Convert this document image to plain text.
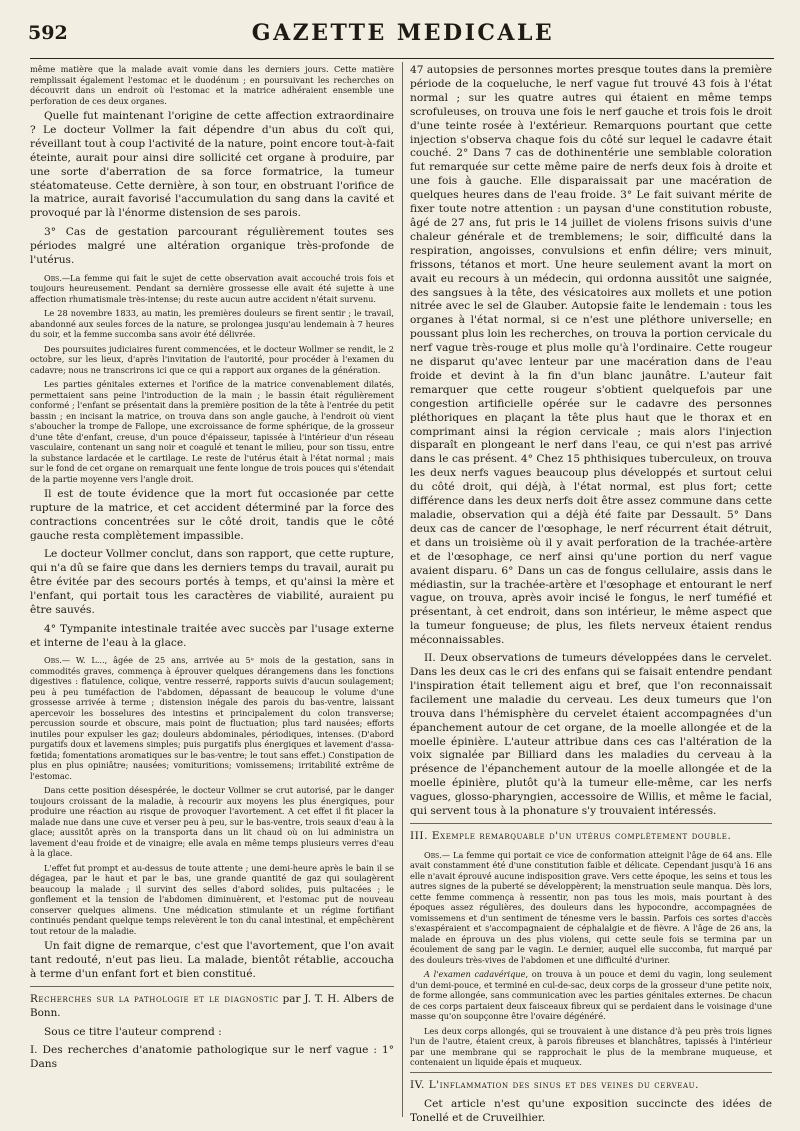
592	GAZETTE MEDICALE

même matière que la malade avait vomie dans les derniers jours. Cette matière remplissait également l'estomac et le duodénum ; en poursuivant les recherches on découvrit dans un endroit où l'estomac et la matrice adhéraient ensemble une perforation de ces deux organes.

Quelle fut maintenant l'origine de cette affection extraordinaire ? Le docteur Vollmer la fait dépendre d'un abus du coït qui, réveillant tout à coup l'activité de la nature, point encore tout-à-fait éteinte, aurait pour ainsi dire sollicité cet organe à produire, par une sorte d'aberration de sa force formatrice, la tumeur stéatomateuse. Cette dernière, à son tour, en obstruant l'orifice de la matrice, aurait favorisé l'accumulation du sang dans la cavité et provoqué par là l'énorme distension de ses parois.

3° Cas de gestation parcourant régulièrement toutes ses périodes malgré une altération organique très-profonde de l'utérus.

Obs.—La femme qui fait le sujet de cette observation avait accouché trois fois et toujours heureusement. Pendant sa dernière grossesse elle avait été sujette à une affection rhumatismale très-intense; du reste aucun autre accident n'était survenu.

Le 28 novembre 1833, au matin, les premières douleurs se firent sentir ; le travail, abandonné aux seules forces de la nature, se prolongea jusqu'au lendemain à 7 heures du soir, et la femme succomba sans avoir été délivrée.

Des poursuites judiciaires furent commencées, et le docteur Wollmer se rendit, le 2 octobre, sur les lieux, d'après l'invitation de l'autorité, pour procéder à l'examen du cadavre; nous ne transcrirons ici que ce qui a rapport aux organes de la génération.

Les parties génitales externes et l'orifice de la matrice convenablement dilatés, permettaient sans peine l'introduction de la main ; le bassin était régulièrement conformé ; l'enfant se présentait dans la première position de la tête à l'entrée du petit bassin ; en incisant la matrice, on trouva dans son angle gauche, à l'endroit où vient s'aboucher la trompe de Fallope, une excroissance de forme sphérique, de la grosseur d'une tête d'enfant, creuse, d'un pouce d'épaisseur, tapissée à l'intérieur d'un réseau vasculaire, contenant un sang noir et coagulé et tenant le milieu, pour son tissu, entre la substance lardacée et le cartilage. Le reste de l'utérus était à l'état normal ; mais sur le fond de cet organe on remarquait une fente longue de trois pouces qui s'étendait de la partie moyenne vers l'angle droit.

Il est de toute évidence que la mort fut occasionée par cette rupture de la matrice, et cet accident déterminé par la force des contractions concentrées sur le côté droit, tandis que le côté gauche resta complètement impassible.

Le docteur Vollmer conclut, dans son rapport, que cette rupture, qui n'a dû se faire que dans les derniers temps du travail, aurait pu être évitée par des secours portés à temps, et qu'ainsi la mère et l'enfant, qui portait tous les caractères de viabilité, auraient pu être sauvés.

4° Tympanite intestinale traitée avec succès par l'usage externe et interne de l'eau à la glace.

Obs.— W. L..., âgée de 25 ans, arrivée au 5ᵉ mois de la gestation, sans in commodités graves, commença à éprouver quelques dérangemens dans les fonctions digestives : flatulence, colique, ventre resserré, rapports suivis d'aucun soulagement; peu à peu tuméfaction de l'abdomen, dépassant de beaucoup le volume d'une grossesse arrivée à terme ; distension inégale des parois du bas-ventre, laissant apercevoir les bosselures des intestins et principalement du colon transverse; percussion sourde et obscure, mais point de fluctuation; plus tard nausées; efforts inutiles pour expulser les gaz; douleurs abdominales, périodiques, intenses. (D'abord purgatifs doux et lavemens simples; puis purgatifs plus énergiques et lavement d'assa-fœtida; fomentations aromatiques sur le bas-ventre; le tout sans effet.) Constipation de plus en plus opiniâtre; nausées; vomituritions; vomissemens; irritabilité extrême de l'estomac.

Dans cette position désespérée, le docteur Vollmer se crut autorisé, par le danger toujours croissant de la maladie, à recourir aux moyens les plus énergiques, pour produire une réaction au risque de provoquer l'avortement. A cet effet il fit placer la malade nue dans une cuve et verser peu à peu, sur le bas-ventre, trois seaux d'eau à la glace; aussitôt après on la transporta dans un lit chaud où on lui administra un lavement d'eau froide et de vinaigre; elle avala en même temps plusieurs verres d'eau à la glace.

L'effet fut prompt et au-dessus de toute attente ; une demi-heure après le bain il se dégagea, par le haut et par le bas, une grande quantité de gaz qui soulagèrent beaucoup la malade ; il survint des selles d'abord solides, puis pultacées ; le gonflement et la tension de l'abdomen diminuèrent, et l'estomac put de nouveau conserver quelques alimens. Une médication stimulante et un régime fortifiant continués pendant quelque temps relevèrent le ton du canal intestinal, et empêchèrent tout retour de la maladie.

Un fait digne de remarque, c'est que l'avortement, que l'on avait tant redouté, n'eut pas lieu. La malade, bientôt rétablie, accoucha à terme d'un enfant fort et bien constitué.

Recherches sur la pathologie et le diagnostic par J. T. H. Albers de Bonn.

Sous ce titre l'auteur comprend :

I. Des recherches d'anatomie pathologique sur le nerf vague : 1° Dans

47 autopsies de personnes mortes presque toutes dans la première période de la coqueluche, le nerf vague fut trouvé 43 fois à l'état normal ; sur les quatre autres qui étaient en même temps scrofuleuses, on trouva une fois le nerf gauche et trois fois le droit d'une teinte rosée à l'extérieur. Remarquons pourtant que cette injection s'observa chaque fois du côté sur lequel le cadavre était couché. 2° Dans 7 cas de dothinentérie une semblable coloration fut remarquée sur cette même paire de nerfs deux fois à droite et une fois à gauche. Elle disparaissait par une macération de quelques heures dans de l'eau froide. 3° Le fait suivant mérite de fixer toute notre attention : un paysan d'une constitution robuste, âgé de 27 ans, fut pris le 14 juillet de violens frisons suivis d'une chaleur générale et de tremblemens; le soir, difficulté dans la respiration, angoisses, convulsions et enfin délire; vers minuit, frissons, tétanos et mort. Une heure seulement avant la mort on avait eu recours à un médecin, qui ordonna aussitôt une saignée, des sangsues à la tête, des vésicatoires aux mollets et une potion nitrée avec le sel de Glauber. Autopsie faite le lendemain : tous les organes à l'état normal, si ce n'est une pléthore universelle; en poussant plus loin les recherches, on trouva la portion cervicale du nerf vague très-rouge et plus molle qu'à l'ordinaire. Cette rougeur ne disparut qu'avec lenteur par une macération dans de l'eau froide et devint à la fin d'un blanc jaunâtre. L'auteur fait remarquer que cette rougeur s'obtient quelquefois par une congestion artificielle opérée sur le cadavre des personnes pléthoriques en plaçant la tête plus haut que le thorax et en comprimant ainsi la région cervicale ; mais alors l'injection disparaît en plongeant le nerf dans l'eau, ce qui n'est pas arrivé dans le cas présent. 4° Chez 15 phthisiques tuberculeux, on trouva les deux nerfs vagues beaucoup plus développés et surtout celui du côté droit, qui déjà, à l'état normal, est plus fort; cette différence dans les deux nerfs doit être assez commune dans cette maladie, observation qui a déjà été faite par Dessault. 5° Dans deux cas de cancer de l'œsophage, le nerf récurrent était détruit, et dans un troisième où il y avait perforation de la trachée-artère et de l'œsophage, ce nerf ainsi qu'une portion du nerf vague avaient disparu. 6° Dans un cas de fongus cellulaire, assis dans le médiastin, sur la trachée-artère et l'œsophage et entourant le nerf vague, on trouva, après avoir incisé le fongus, le nerf tuméfié et présentant, à cet endroit, dans son intérieur, le même aspect que la tumeur fongueuse; de plus, les filets nerveux étaient rendus méconnaissables.

II. Deux observations de tumeurs développées dans le cervelet. Dans les deux cas le cri des enfans qui se faisait entendre pendant l'inspiration était tellement aigu et bref, que l'on reconnaissait facilement une maladie du cerveau. Les deux tumeurs que l'on trouva dans l'hémisphère du cervelet étaient accompagnées d'un épanchement autour de cet organe, de la moelle allongée et de la moelle épinière. L'auteur attribue dans ces cas l'altération de la voix signalée par Billiard dans les maladies du cerveau à la présence de l'épanchement autour de la moelle allongée et de la moelle épinière, plutôt qu'à la tumeur elle-même, car les nerfs vagues, glosso-pharyngien, accessoire de Willis, et même le facial, qui servent tous à la phonature s'y trouvaient intéressés.

III. Exemple remarquable d'un utérus complètement double.

Obs.— La femme qui portait ce vice de conformation atteignit l'âge de 64 ans. Elle avait constamment été d'une constitution faible et délicate. Cependant jusqu'à 16 ans elle n'avait éprouvé aucune indisposition grave. Vers cette époque, les seins et tous les autres signes de la puberté se développèrent; la menstruation seule manqua. Dès lors, cette femme commença à ressentir, non pas tous les mois, mais pourtant à des époques assez régulières, des douleurs dans les hypocondre, accompagnées de vomissemens et d'un sentiment de ténesme vers le bassin. Parfois ces sortes d'accès s'exaspéraient et s'accompagnaient de céphalalgie et de fièvre. A l'âge de 26 ans, la malade en éprouva un des plus violens, qui cette seule fois se termina par un écoulement de sang par le vagin. Le dernier, auquel elle succomba, fut marqué par des douleurs très-vives de l'abdomen et une difficulté d'uriner.

A l'examen cadavérique, on trouva à un pouce et demi du vagin, long seulement d'un demi-pouce, et terminé en cul-de-sac, deux corps de la grosseur d'une petite noix, de forme allongée, sans communication avec les parties génitales externes. De chacun de ces corps partaient deux faisceaux fibreux qui se perdaient dans le voisinage d'une masse qu'on soupçonne être l'ovaire dégénéré.

Les deux corps allongés, qui se trouvaient à une distance d'à peu près trois lignes l'un de l'autre, étaient creux, à parois fibreuses et blanchâtres, tapissés à l'intérieur par une membrane qui se rapprochait le plus de la membrane muqueuse, et contenaient un liquide épais et muqueux.

IV. L'inflammation des sinus et des veines du cerveau.

Cet article n'est qu'une exposition succincte des idées de Tonellé et de Cruveilhier.
